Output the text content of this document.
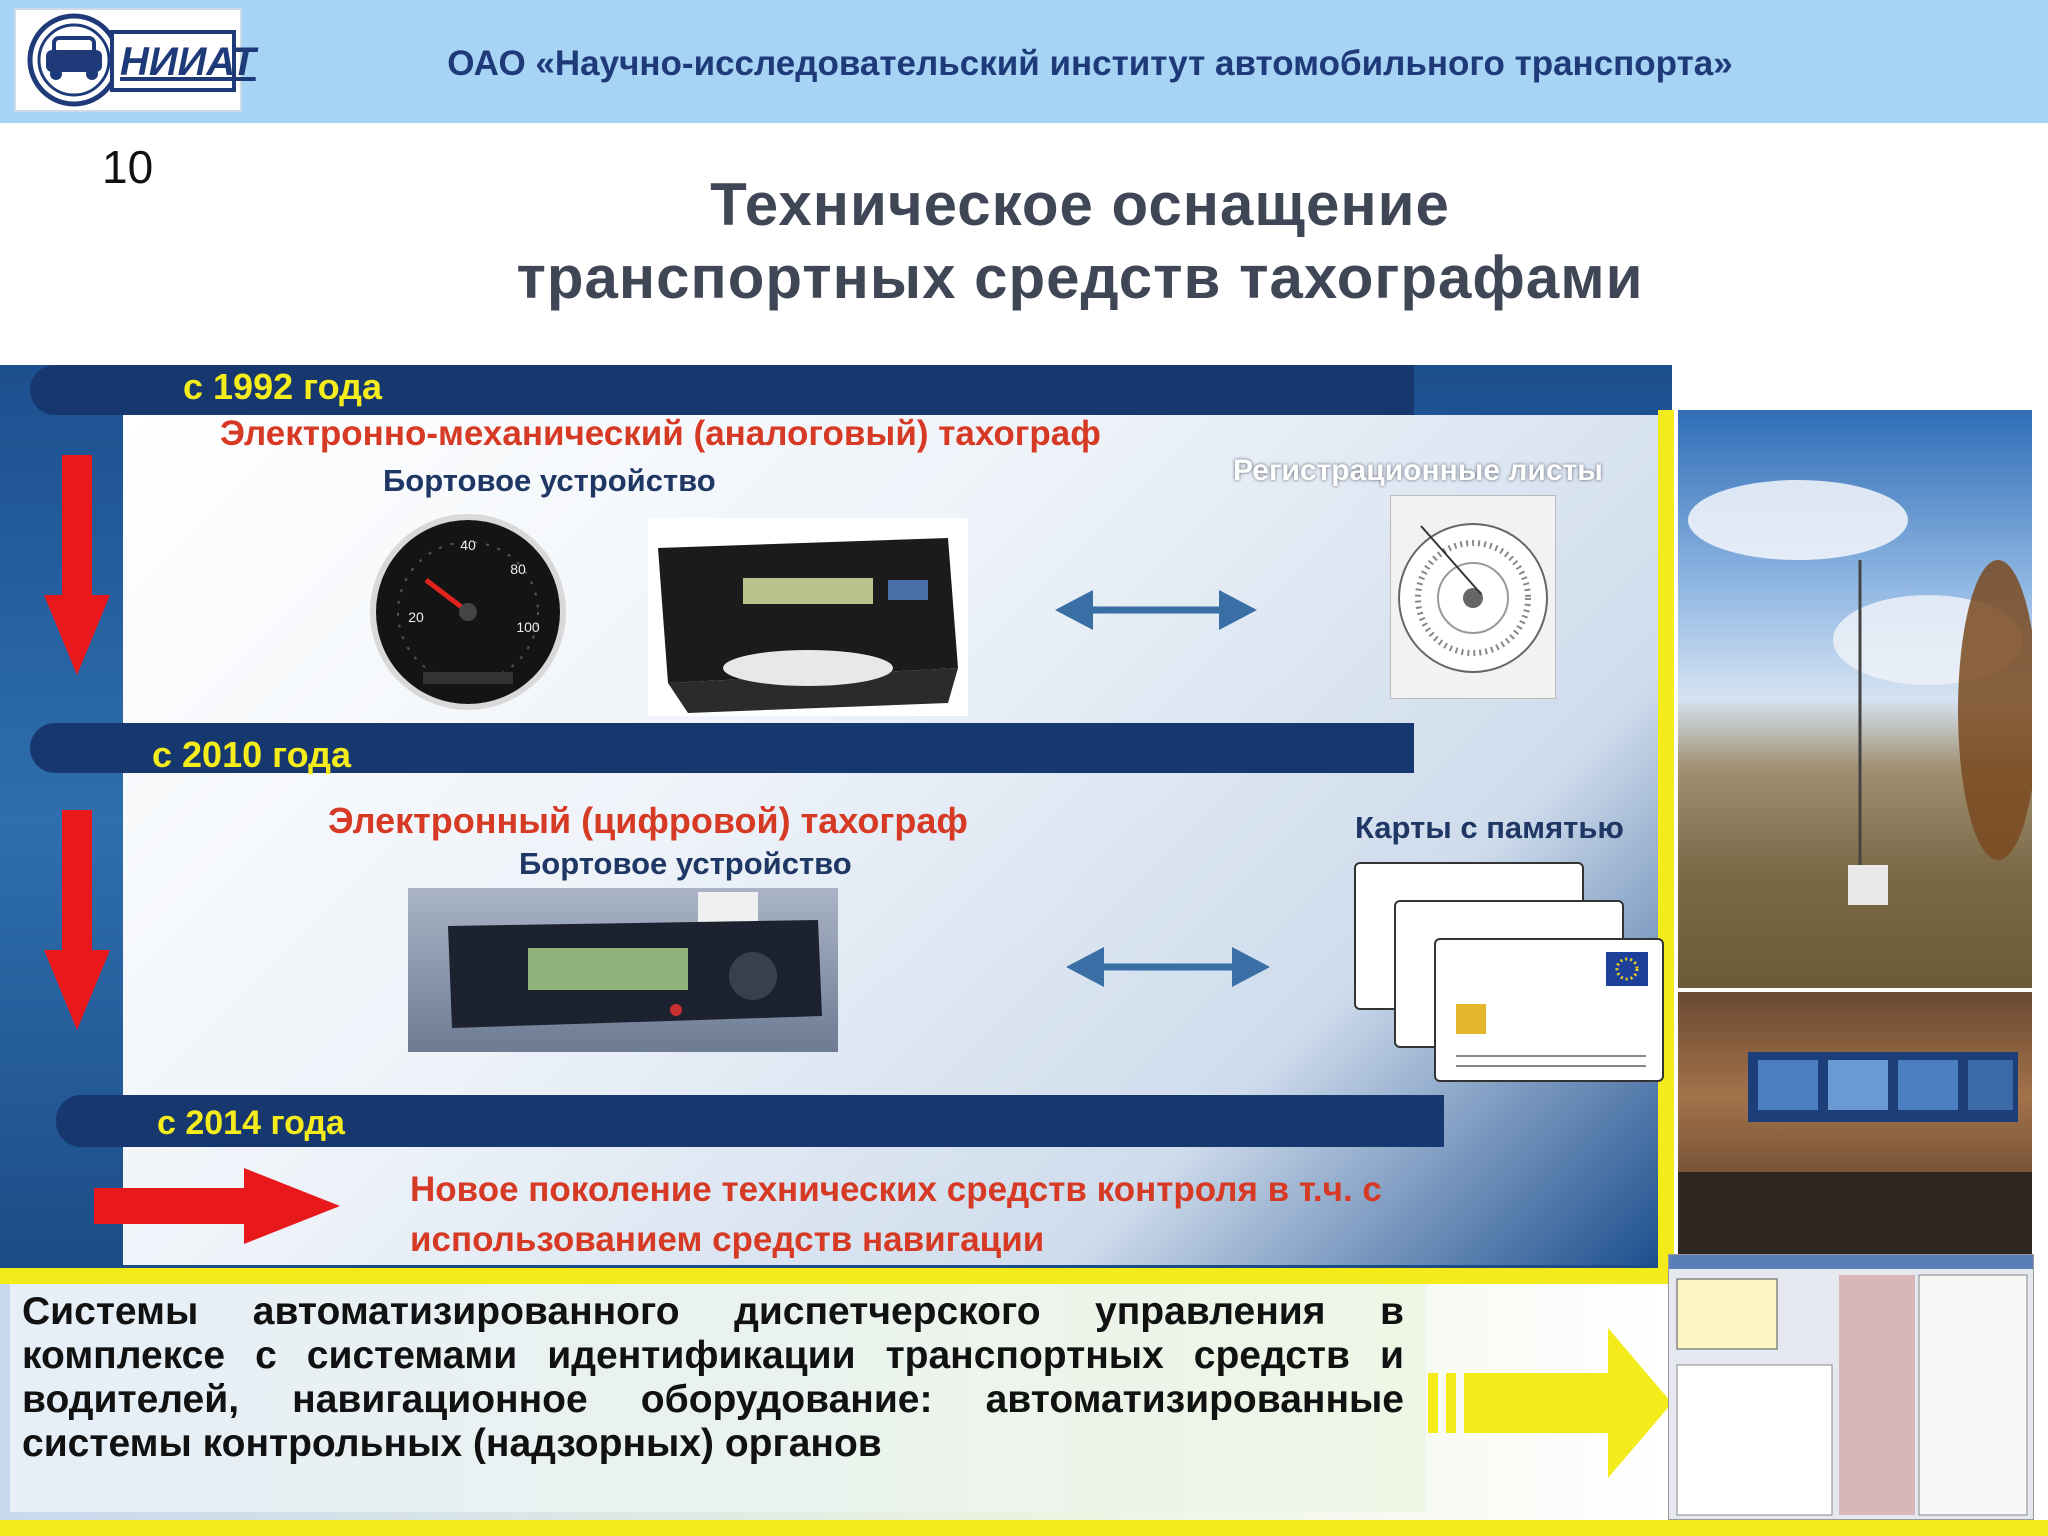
НИИАТ	ОАО «Научно-исследовательский институт автомобильного транспорта»
10
Техническое оснащение
транспортных средств тахографами
с 1992 года
Электронно-механический (аналоговый) тахограф
Бортовое устройство	Регистрационные листы
40
80
20
100
с 2010 года
Электронный (цифровой) тахограф
Бортовое устройство
Карты с памятью
с 2014 года
Новое поколение технических средств контроля в т.ч. с
использованием средств навигации
Системы автоматизированного диспетчерского управления в комплексе с системами идентификации транспортных средств и водителей, навигационное оборудование: автоматизированные системы контрольных (надзорных) органов
